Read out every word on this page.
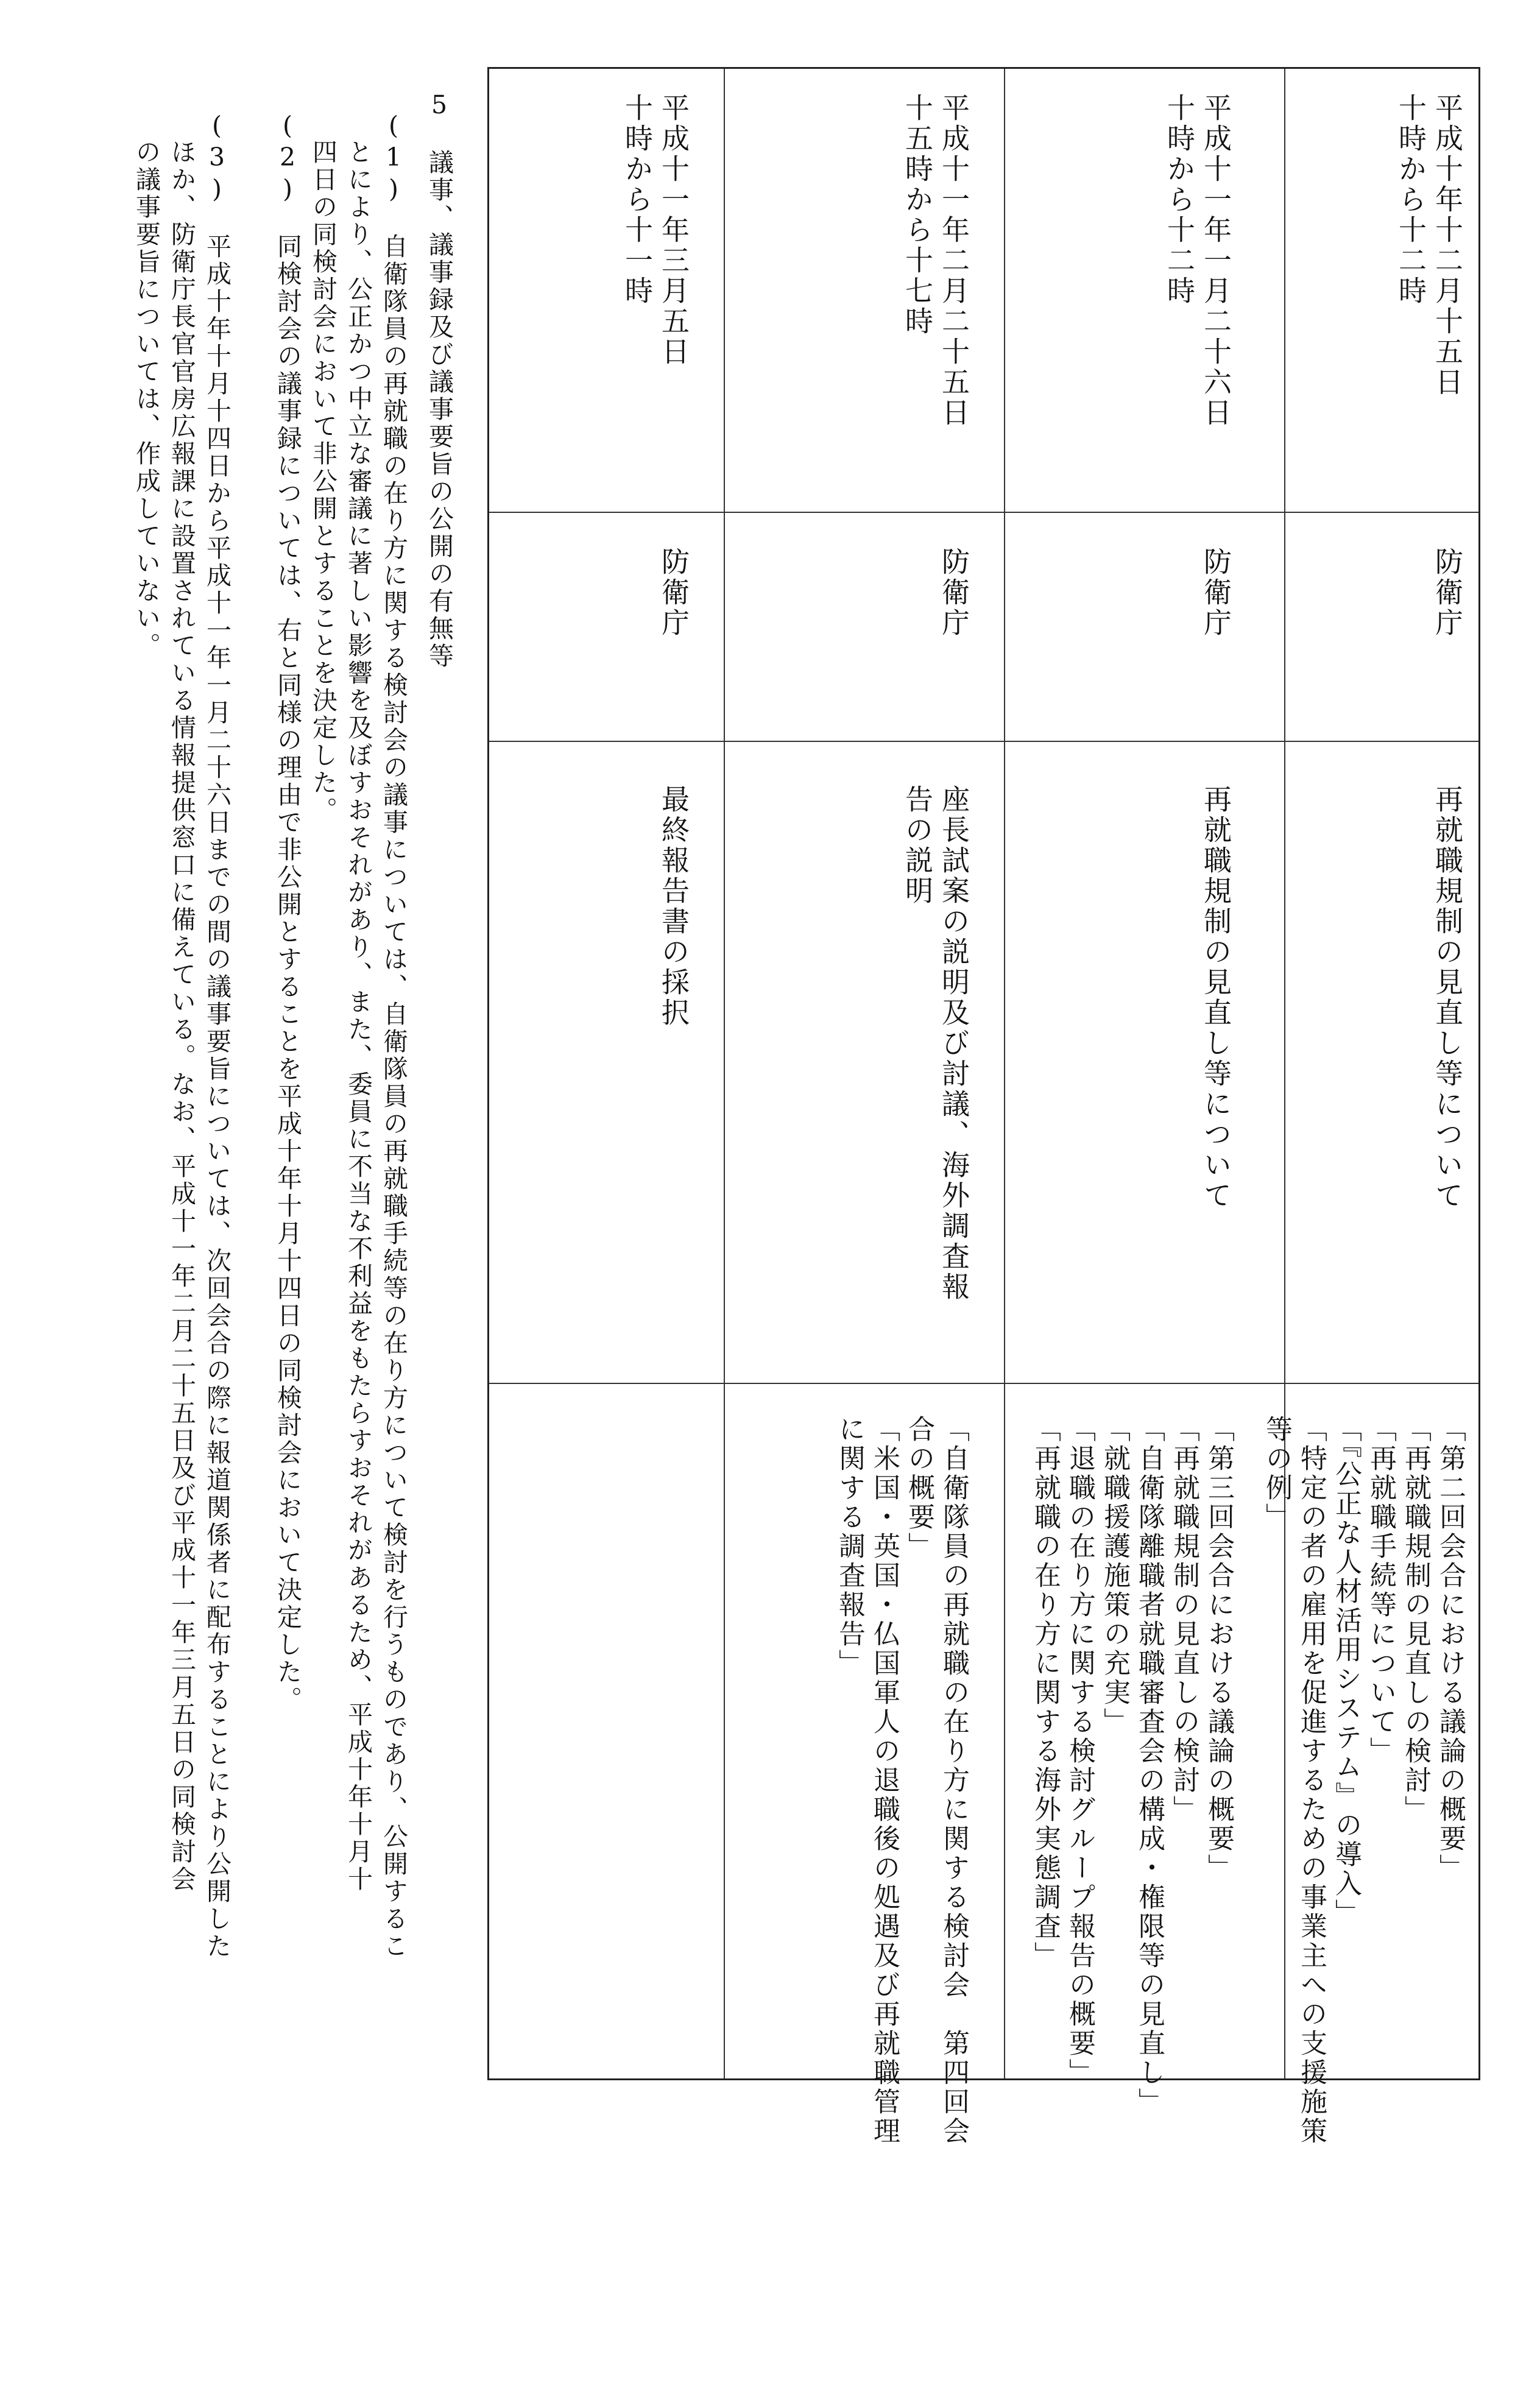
平成十年十二月十五日
十時から十二時
防衛庁
再就職規制の見直し等について
「第二回会合における議論の概要」
「再就職規制の見直しの検討」
「再就職手続等について」
「『公正な人材活用システム』の導入」
「特定の者の雇用を促進するための事業主への支援施策
等の例」
平成十一年一月二十六日
十時から十二時
防衛庁
再就職規制の見直し等について
「第三回会合における議論の概要」
「再就職規制の見直しの検討」
「自衛隊離職者就職審査会の構成・権限等の見直し」
「就職援護施策の充実」
「退職の在り方に関する検討グループ報告の概要」
「再就職の在り方に関する海外実態調査」
平成十一年二月二十五日
十五時から十七時
防衛庁
座長試案の説明及び討議、海外調査報
告の説明
「自衛隊員の再就職の在り方に関する検討会　第四回会
合の概要」
「米国・英国・仏国軍人の退職後の処遇及び再就職管理
に関する調査報告」
平成十一年三月五日
十時から十一時
防衛庁
最終報告書の採択
5　議事、議事録及び議事要旨の公開の有無等
(1)　自衛隊員の再就職の在り方に関する検討会の議事については、自衛隊員の再就職手続等の在り方について検討を行うものであり、公開するこ
とにより、公正かつ中立な審議に著しい影響を及ぼすおそれがあり、また、委員に不当な不利益をもたらすおそれがあるため、平成十年十月十
四日の同検討会において非公開とすることを決定した。
(2)　同検討会の議事録については、右と同様の理由で非公開とすることを平成十年十月十四日の同検討会において決定した。
(3)　平成十年十月十四日から平成十一年一月二十六日までの間の議事要旨については、次回会合の際に報道関係者に配布することにより公開した
ほか、防衛庁長官官房広報課に設置されている情報提供窓口に備えている。なお、平成十一年二月二十五日及び平成十一年三月五日の同検討会
の議事要旨については、作成していない。
